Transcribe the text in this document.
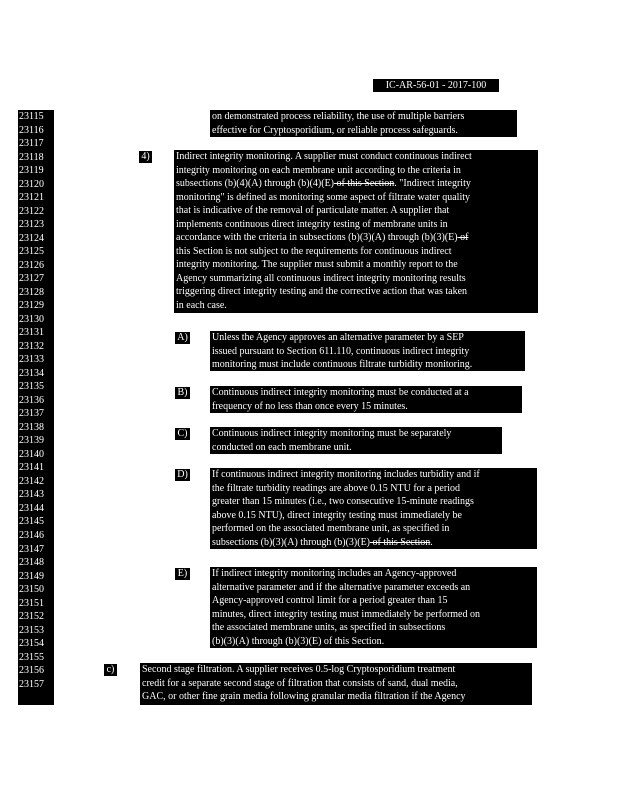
IC-AR-56-01 - 2017-100
23115
23116
23117
23118
23119
23120
23121
23122
23123
23124
23125
23126
23127
23128
23129
23130
23131
23132
23133
23134
23135
23136
23137
23138
23139
23140
23141
23142
23143
23144
23145
23146
23147
23148
23149
23150
23151
23152
23153
23154
23155
23156
23157
on demonstrated process reliability, the use of multiple barriers
effective for Cryptosporidium, or reliable process safeguards.
4)	Indirect integrity monitoring. A supplier must conduct continuous indirect
integrity monitoring on each membrane unit according to the criteria in
subsections (b)(4)(A) through (b)(4)(E) of this Section. "Indirect integrity
monitoring" is defined as monitoring some aspect of filtrate water quality
that is indicative of the removal of particulate matter. A supplier that
implements continuous direct integrity testing of membrane units in
accordance with the criteria in subsections (b)(3)(A) through (b)(3)(E) of
this Section is not subject to the requirements for continuous indirect
integrity monitoring. The supplier must submit a monthly report to the
Agency summarizing all continuous indirect integrity monitoring results
triggering direct integrity testing and the corrective action that was taken
in each case.
A) Unless the Agency approves an alternative parameter by a SEP
issued pursuant to Section 611.110, continuous indirect integrity
monitoring must include continuous filtrate turbidity monitoring.
B) Continuous indirect integrity monitoring must be conducted at a
frequency of no less than once every 15 minutes.
C) Continuous indirect integrity monitoring must be separately
conducted on each membrane unit.
D) If continuous indirect integrity monitoring includes turbidity and if
the filtrate turbidity readings are above 0.15 NTU for a period
greater than 15 minutes (i.e., two consecutive 15-minute readings
above 0.15 NTU), direct integrity testing must immediately be
performed on the associated membrane unit, as specified in
subsections (b)(3)(A) through (b)(3)(E) of this Section.
E) If indirect integrity monitoring includes an Agency-approved
alternative parameter and if the alternative parameter exceeds an
Agency-approved control limit for a period greater than 15
minutes, direct integrity testing must immediately be performed on
the associated membrane units, as specified in subsections
(b)(3)(A) through (b)(3)(E) of this Section.
c)	Second stage filtration. A supplier receives 0.5-log Cryptosporidium treatment
credit for a separate second stage of filtration that consists of sand, dual media,
GAC, or other fine grain media following granular media filtration if the Agency
